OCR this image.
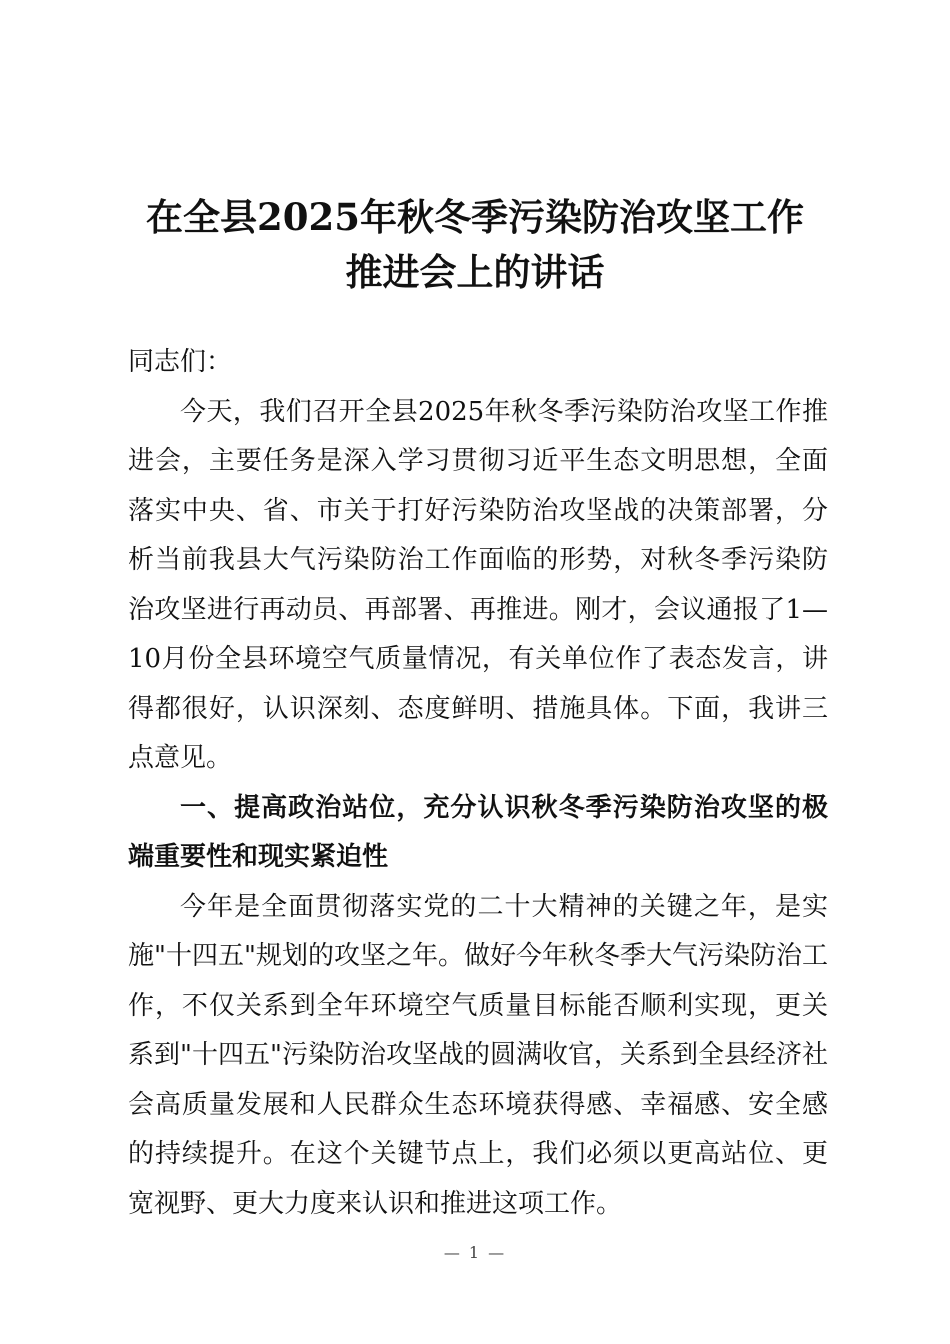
在全县2025年秋冬季污染防治攻坚工作
推进会上的讲话

同志们：

今天，我们召开全县2025年秋冬季污染防治攻坚工作推进会，主要任务是深入学习贯彻习近平生态文明思想，全面落实中央、省、市关于打好污染防治攻坚战的决策部署，分析当前我县大气污染防治工作面临的形势，对秋冬季污染防治攻坚进行再动员、再部署、再推进。刚才，会议通报了1—10月份全县环境空气质量情况，有关单位作了表态发言，讲得都很好，认识深刻、态度鲜明、措施具体。下面，我讲三点意见。

一、提高政治站位，充分认识秋冬季污染防治攻坚的极端重要性和现实紧迫性

今年是全面贯彻落实党的二十大精神的关键之年，是实施"十四五"规划的攻坚之年。做好今年秋冬季大气污染防治工作，不仅关系到全年环境空气质量目标能否顺利实现，更关系到"十四五"污染防治攻坚战的圆满收官，关系到全县经济社会高质量发展和人民群众生态环境获得感、幸福感、安全感的持续提升。在这个关键节点上，我们必须以更高站位、更宽视野、更大力度来认识和推进这项工作。

— 1 —
